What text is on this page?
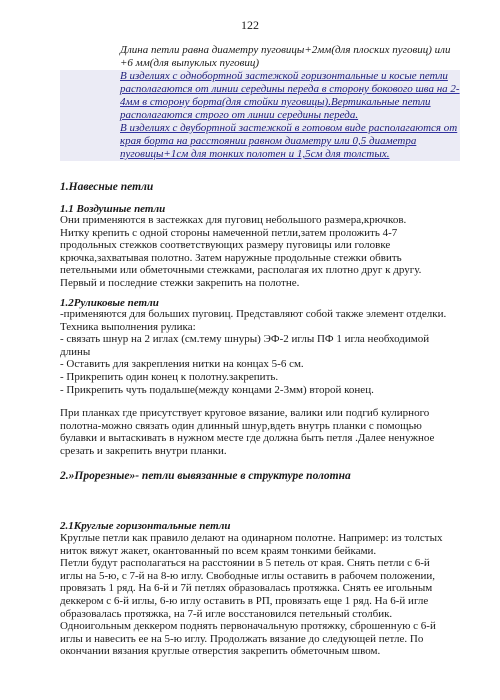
122

Длина петли равна диаметру пуговицы+2мм(для плоских пуговиц) или +6 мм(для выпуклых пуговиц)

В изделиях с однобортной застежкой горизонтальные и косые петли располагаются от линии середины переда в сторону бокового шва на 2-4мм в сторону борта(для стойки пуговицы).Вертикальные петли располагаются строго от линии середины переда.

В изделиях с двубортной застежкой в готовом виде располагаются от края борта на расстоянии равном диаметру или 0,5 диаметра пуговицы+1см для тонких полотен и 1,5см для толстых.

1.Навесные петли
1.1 Воздушные петли
Они применяются в застежках для пуговиц небольшого размера,крючков.
Нитку крепить с одной стороны намеченной петли,затем проложить 4-7
продольных стежков соответствующих размеру пуговицы или головке
крючка,захватывая полотно. Затем наружные продольные стежки обвить
петельными или обметочными стежками, располагая их плотно друг к другу.
Первый и последние стежки закрепить на полотне.
1.2Руликовые петли
-применяются для больших пуговиц. Представляют собой также элемент отделки.
Техника выполнения рулика:
- связать шнур на 2 иглах (см.тему шнуры) ЭФ-2 иглы ПФ 1 игла необходимой
длины
- Оставить для закрепления нитки на концах 5-6 см.
- Прикрепить один конец к полотну.закрепить.
- Прикрепить чуть подальше(между концами 2-3мм) второй конец.
При планках где присутствует круговое вязание, валики или подгиб кулирного
полотна-можно связать один длинный шнур,вдеть внутрь планки с помощью
булавки и вытаскивать в нужном месте где должна быть петля .Далее ненужное
срезать и закрепить внутри планки.
2.»Прорезные»- петли вывязанные в структуре полотна
2.1Круглые горизонтальные петли
Круглые петли как правило делают на одинарном полотне. Например: из толстых
ниток вяжут жакет, окантованный по всем краям тонкими бейками.
Петли будут располагаться на расстоянии в 5 петель от края. Снять петли с 6-й
иглы на 5-ю, с 7-й на 8-ю иглу. Свободные иглы оставить в рабочем положении,
провязать 1 ряд. На 6-й и 7й петлях образовалась протяжка. Снять ее игольным
деккером с 6-й иглы, 6-ю иглу оставить в РП, провязать еще 1 ряд. На 6-й игле
образовалась протяжка, на 7-й игле восстановился петельный столбик.
Одноигольным деккером поднять первоначальную протяжку, сброшенную с 6-й
иглы и навесить ее на 5-ю иглу. Продолжать вязание до следующей петле. По
окончании вязания круглые отверстия закрепить обметочным швом.
